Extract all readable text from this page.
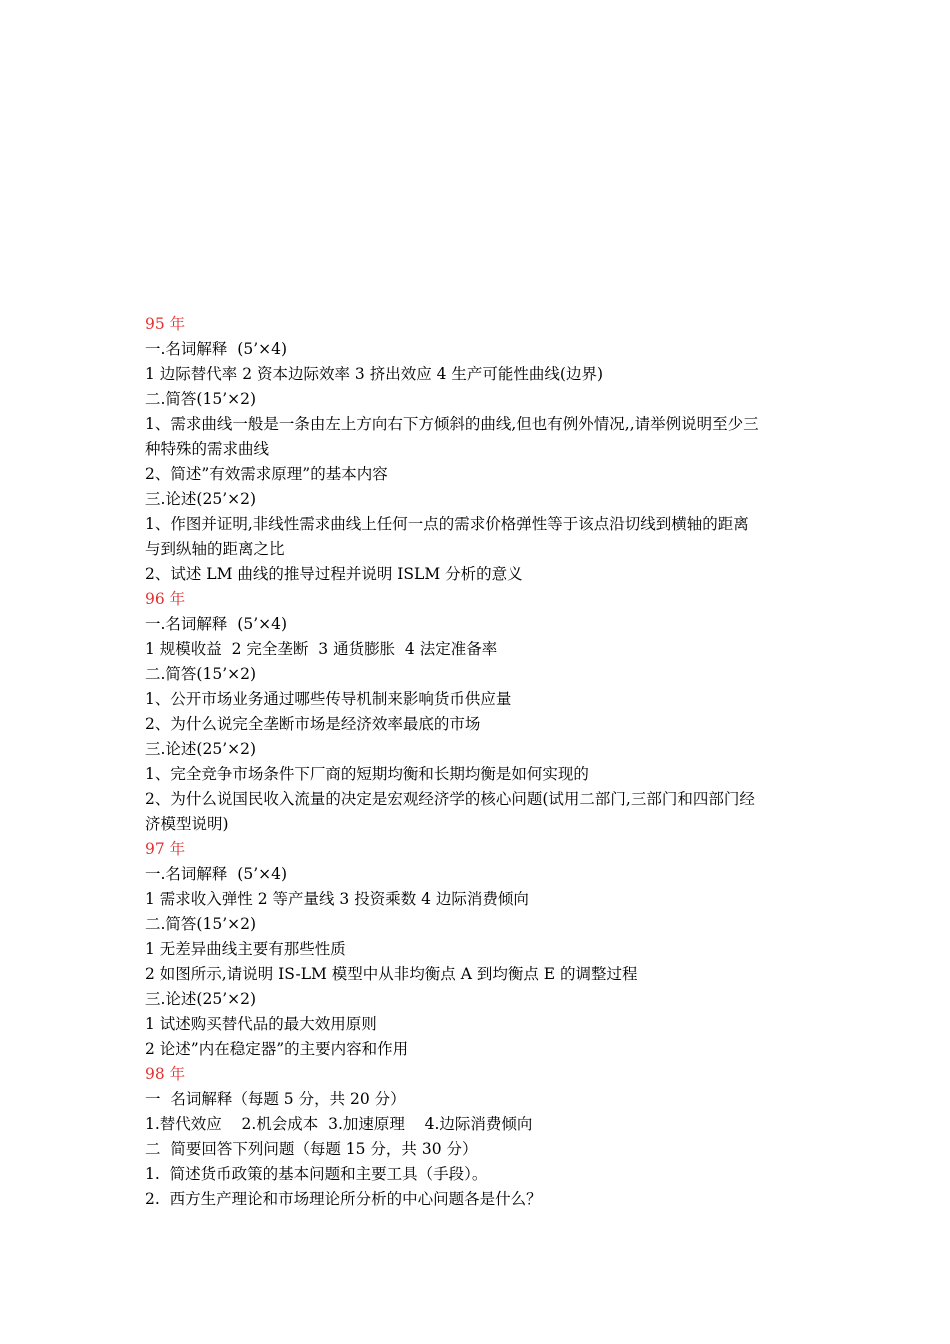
95 年

一.名词解释  (5’×4)

1 边际替代率 2 资本边际效率 3 挤出效应 4 生产可能性曲线(边界)

二.简答(15’×2)

1、需求曲线一般是一条由左上方向右下方倾斜的曲线,但也有例外情况,,请举例说明至少三

种特殊的需求曲线

2、简述”有效需求原理”的基本内容

三.论述(25’×2)

1、作图并证明,非线性需求曲线上任何一点的需求价格弹性等于该点沿切线到横轴的距离

与到纵轴的距离之比

2、试述 LM 曲线的推导过程并说明 ISLM 分析的意义

96 年

一.名词解释  (5’×4)

1 规模收益  2 完全垄断  3 通货膨胀  4 法定准备率

二.简答(15’×2)

1、公开市场业务通过哪些传导机制来影响货币供应量

2、为什么说完全垄断市场是经济效率最底的市场

三.论述(25’×2)

1、完全竞争市场条件下厂商的短期均衡和长期均衡是如何实现的

2、为什么说国民收入流量的决定是宏观经济学的核心问题(试用二部门,三部门和四部门经

济模型说明)

97 年

一.名词解释  (5’×4)

1 需求收入弹性 2 等产量线 3 投资乘数 4 边际消费倾向

二.简答(15’×2)

1 无差异曲线主要有那些性质

2 如图所示,请说明 IS-LM 模型中从非均衡点 A 到均衡点 E 的调整过程

三.论述(25’×2)

1 试述购买替代品的最大效用原则

2 论述”内在稳定器”的主要内容和作用

98 年

一  名词解释（每题 5 分，共 20 分）

1.替代效应    2.机会成本  3.加速原理    4.边际消费倾向

二  简要回答下列问题（每题 15 分，共 30 分）

1.  简述货币政策的基本问题和主要工具（手段）。

2.  西方生产理论和市场理论所分析的中心问题各是什么？
